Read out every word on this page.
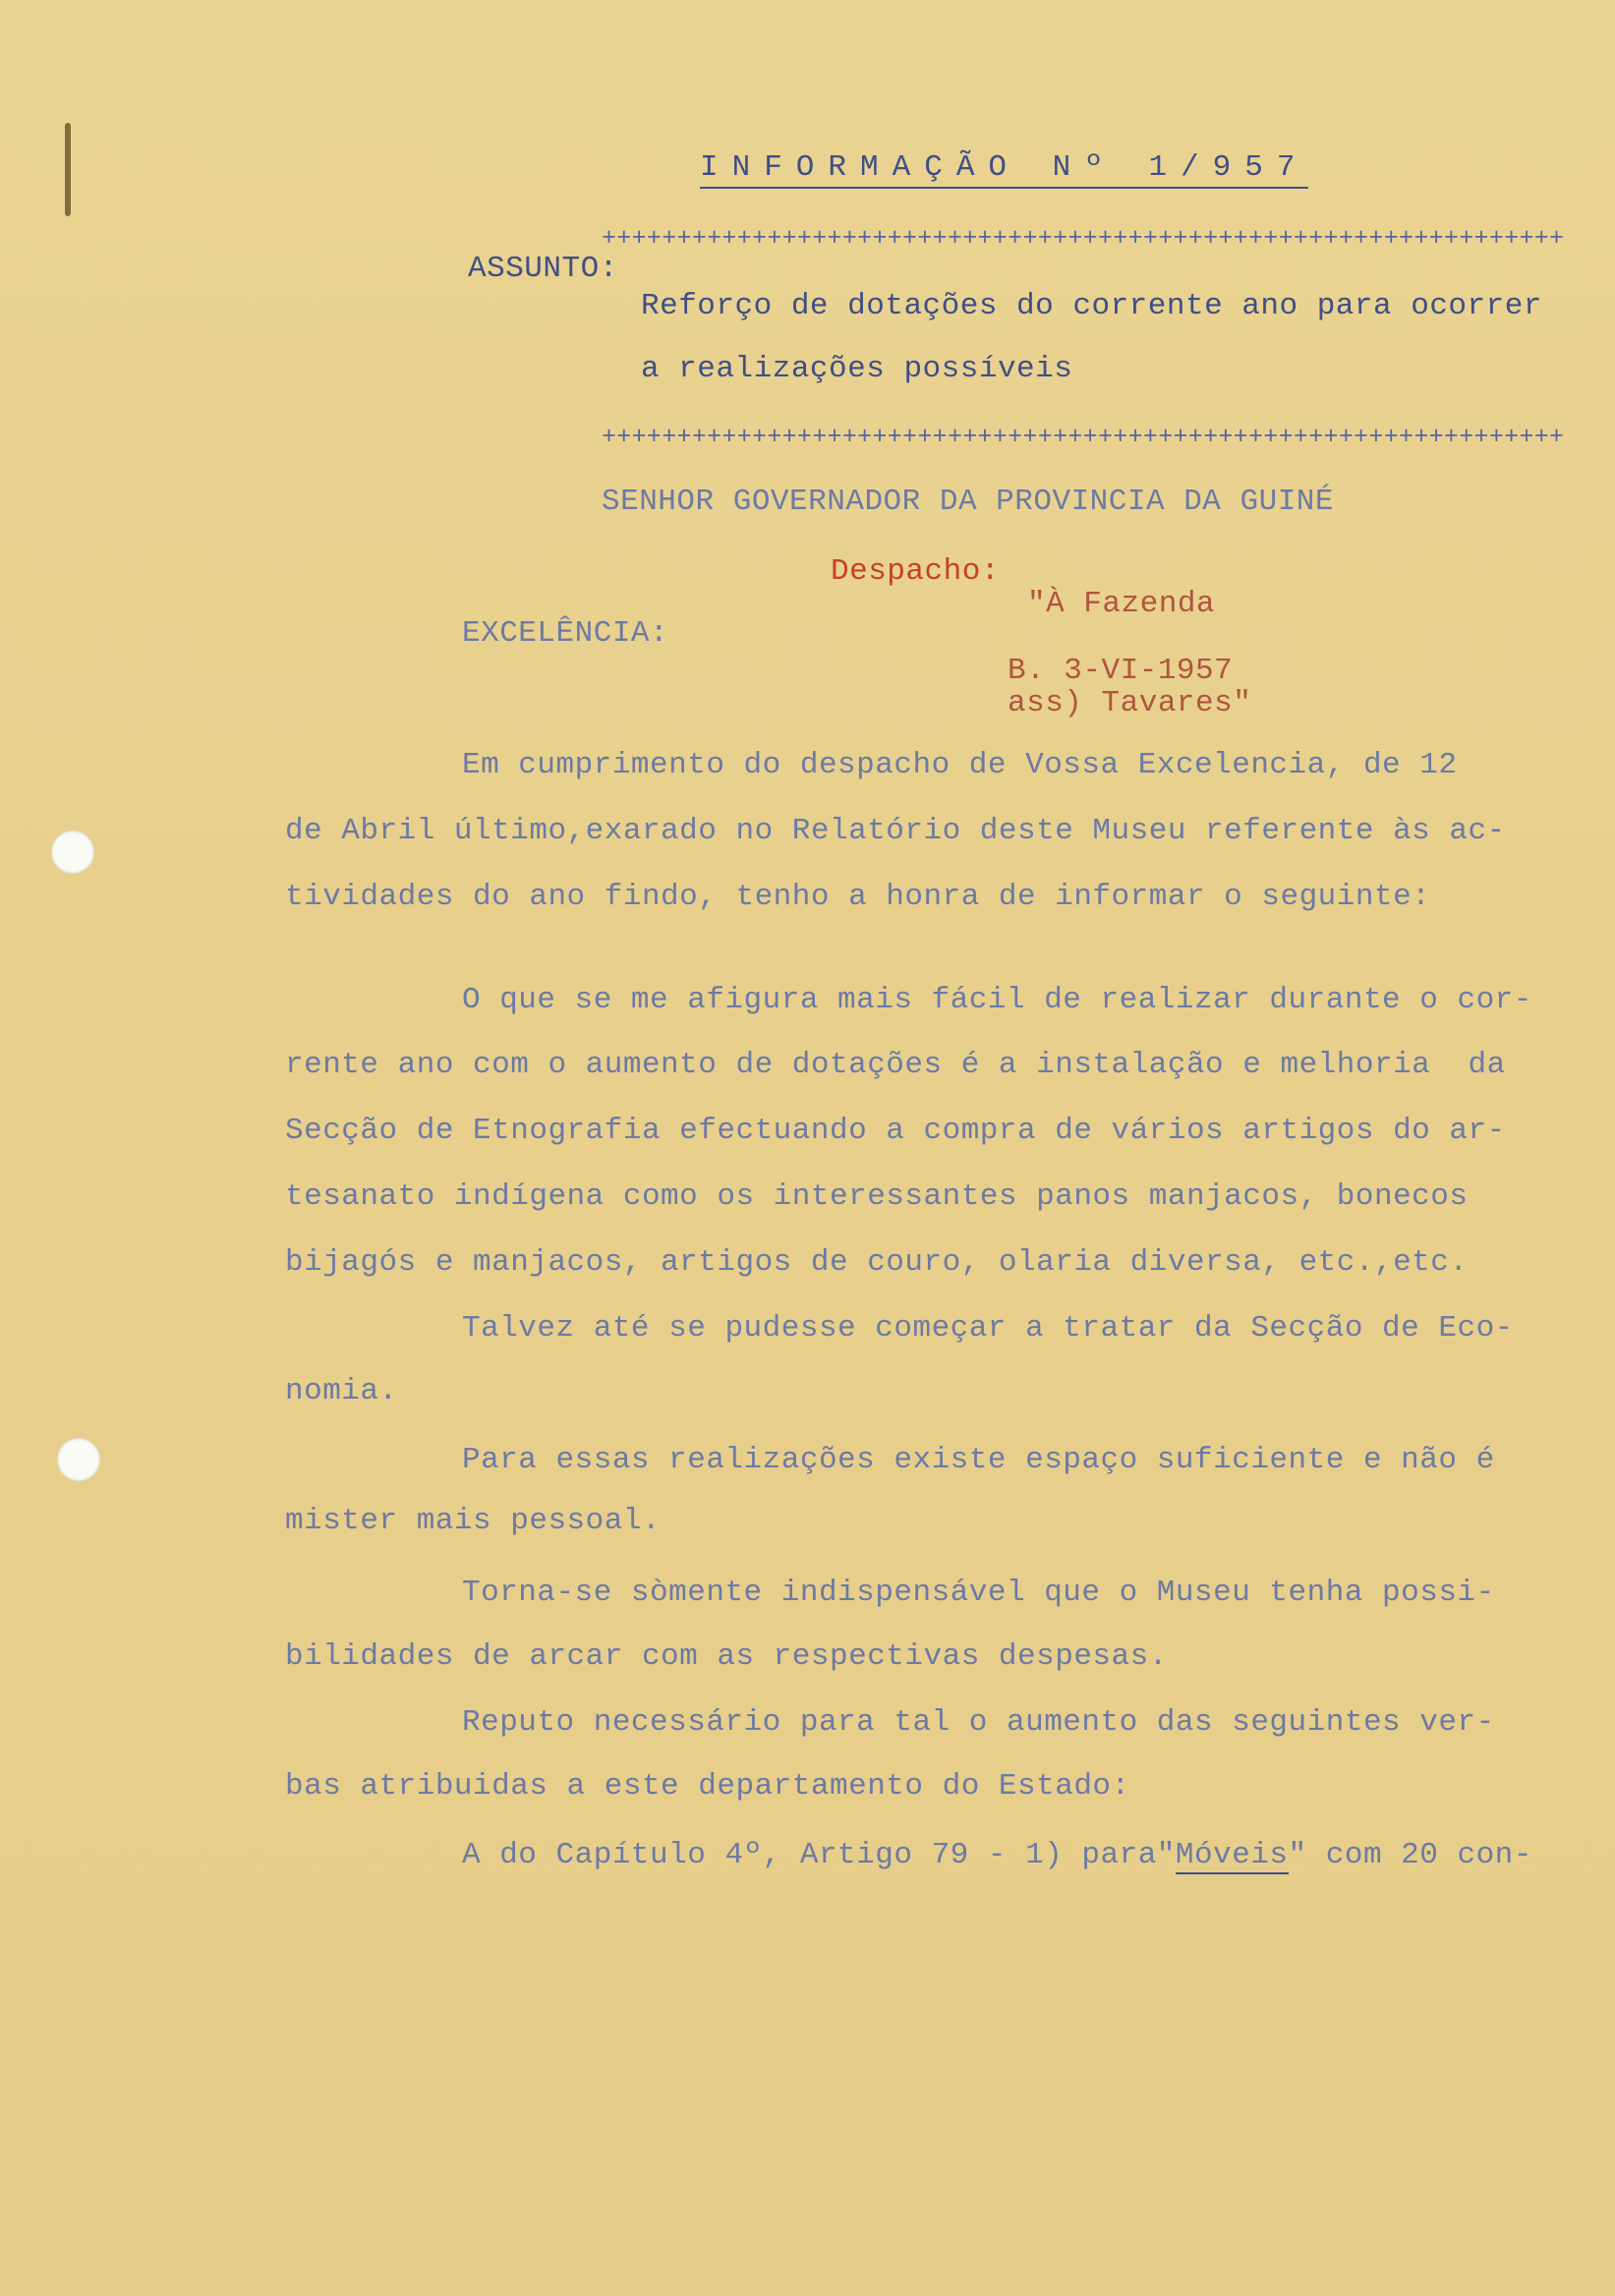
INFORMAÇÃO Nº 1/957
++++++++++++++++++++++++++++++++++++++++++++++++++++++++++++++++
ASSUNTO:
Reforço de dotações do corrente ano para ocorrer
a realizações possíveis
++++++++++++++++++++++++++++++++++++++++++++++++++++++++++++++++
SENHOR GOVERNADOR DA PROVINCIA DA GUINÉ
Despacho:
"À Fazenda
EXCELÊNCIA:
B. 3-VI-1957
ass) Tavares"
Em cumprimento do despacho de Vossa Excelencia, de 12
de Abril último,exarado no Relatório deste Museu referente às ac-
tividades do ano findo, tenho a honra de informar o seguinte:
O que se me afigura mais fácil de realizar durante o cor-
rente ano com o aumento de dotações é a instalação e melhoria  da
Secção de Etnografia efectuando a compra de vários artigos do ar-
tesanato indígena como os interessantes panos manjacos, bonecos
bijagós e manjacos, artigos de couro, olaria diversa, etc.,etc.
Talvez até se pudesse começar a tratar da Secção de Eco-
nomia.
Para essas realizações existe espaço suficiente e não é
mister mais pessoal.
Torna-se sòmente indispensável que o Museu tenha possi-
bilidades de arcar com as respectivas despesas.
Reputo necessário para tal o aumento das seguintes ver-
bas atribuidas a este departamento do Estado:
A do Capítulo 4º, Artigo 79 - 1) para"Móveis" com 20 con-
